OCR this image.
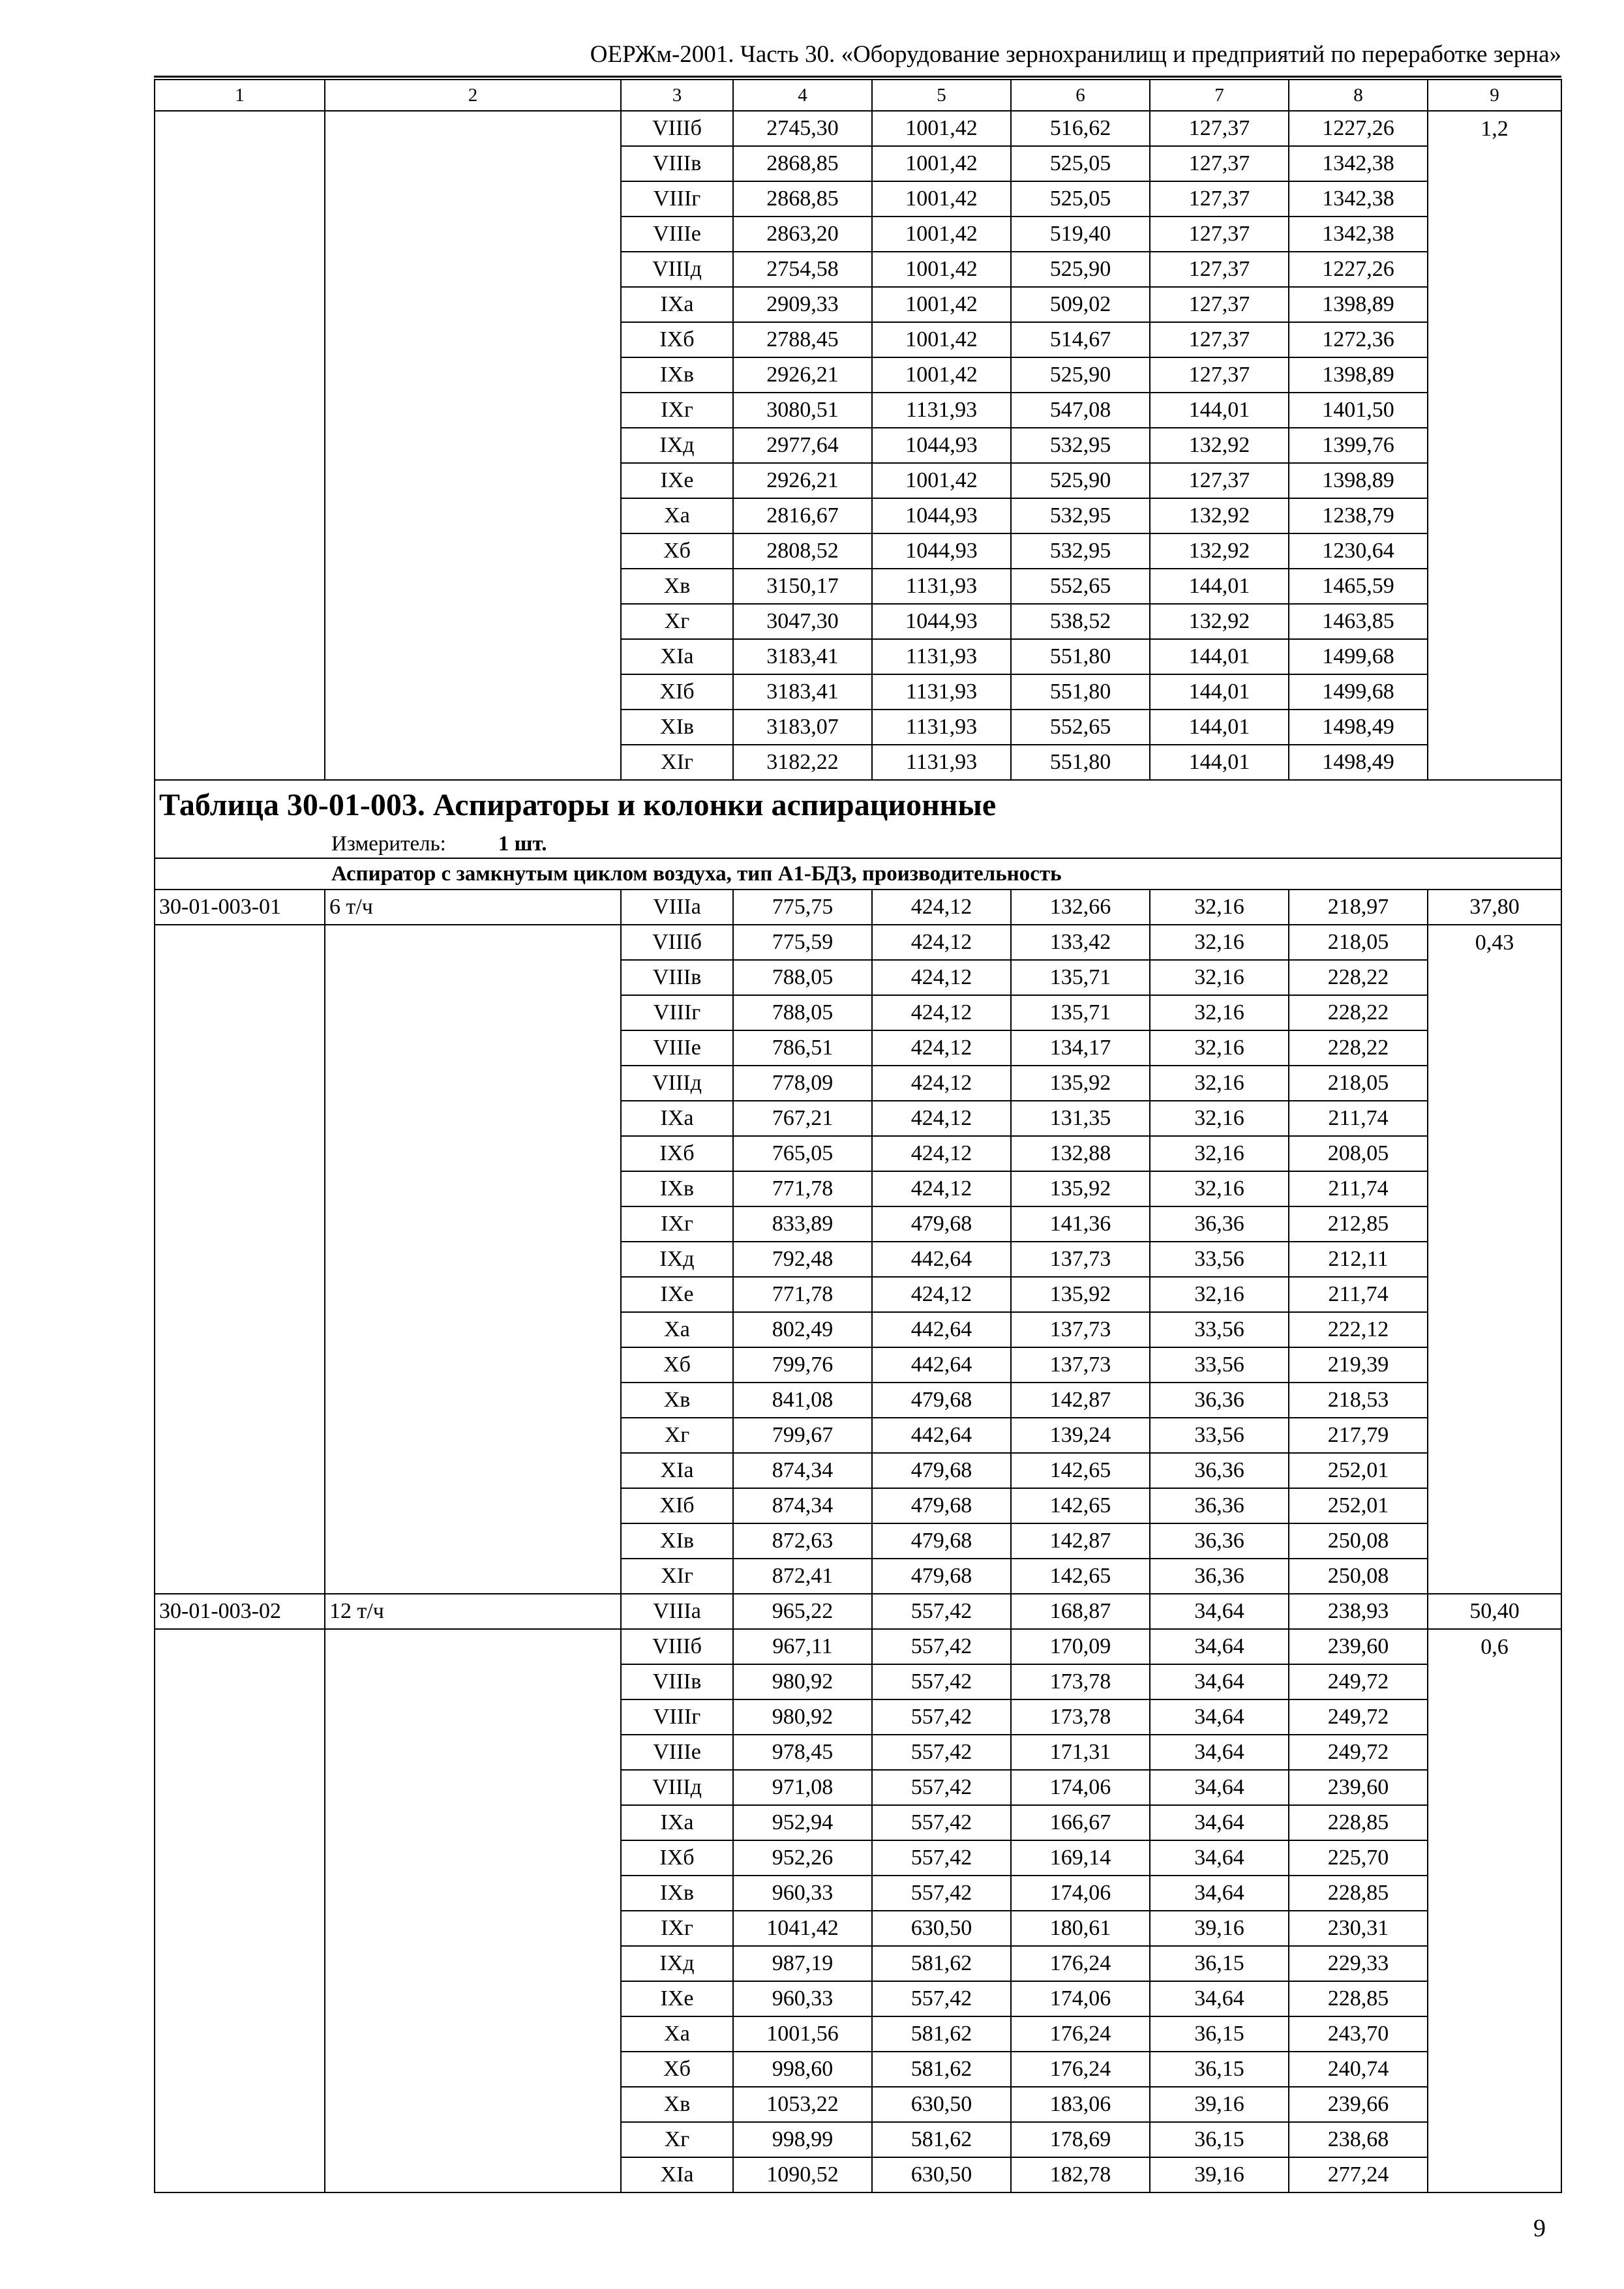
ОЕРЖм-2001. Часть 30. «Оборудование зернохранилищ и предприятий по переработке зерна»
1	2	3	4	5	6	7	8	9
		VIIIб	2745,30	1001,42	516,62	127,37	1227,26	1,2
		VIIIв	2868,85	1001,42	525,05	127,37	1342,38	
		VIIIг	2868,85	1001,42	525,05	127,37	1342,38	
		VIIIе	2863,20	1001,42	519,40	127,37	1342,38	
		VIIIд	2754,58	1001,42	525,90	127,37	1227,26	
		IXа	2909,33	1001,42	509,02	127,37	1398,89	
		IXб	2788,45	1001,42	514,67	127,37	1272,36	
		IXв	2926,21	1001,42	525,90	127,37	1398,89	
		IXг	3080,51	1131,93	547,08	144,01	1401,50	
		IXд	2977,64	1044,93	532,95	132,92	1399,76	
		IXе	2926,21	1001,42	525,90	127,37	1398,89	
		Xа	2816,67	1044,93	532,95	132,92	1238,79	
		Xб	2808,52	1044,93	532,95	132,92	1230,64	
		Xв	3150,17	1131,93	552,65	144,01	1465,59	
		Xг	3047,30	1044,93	538,52	132,92	1463,85	
		XIа	3183,41	1131,93	551,80	144,01	1499,68	
		XIб	3183,41	1131,93	551,80	144,01	1499,68	
		XIв	3183,07	1131,93	552,65	144,01	1498,49	
		XIг	3182,22	1131,93	551,80	144,01	1498,49	
Таблица 30-01-003. Аспираторы и колонки аспирационные								
Измеритель: 1 шт.								
Аспиратор с замкнутым циклом воздуха, тип А1-БДЗ, производительность								
30-01-003-01	6 т/ч	VIIIа	775,75	424,12	132,66	32,16	218,97	37,80
		VIIIб	775,59	424,12	133,42	32,16	218,05	0,43
		VIIIв	788,05	424,12	135,71	32,16	228,22	
		VIIIг	788,05	424,12	135,71	32,16	228,22	
		VIIIе	786,51	424,12	134,17	32,16	228,22	
		VIIIд	778,09	424,12	135,92	32,16	218,05	
		IXа	767,21	424,12	131,35	32,16	211,74	
		IXб	765,05	424,12	132,88	32,16	208,05	
		IXв	771,78	424,12	135,92	32,16	211,74	
		IXг	833,89	479,68	141,36	36,36	212,85	
		IXд	792,48	442,64	137,73	33,56	212,11	
		IXе	771,78	424,12	135,92	32,16	211,74	
		Xа	802,49	442,64	137,73	33,56	222,12	
		Xб	799,76	442,64	137,73	33,56	219,39	
		Xв	841,08	479,68	142,87	36,36	218,53	
		Xг	799,67	442,64	139,24	33,56	217,79	
		XIа	874,34	479,68	142,65	36,36	252,01	
		XIб	874,34	479,68	142,65	36,36	252,01	
		XIв	872,63	479,68	142,87	36,36	250,08	
		XIг	872,41	479,68	142,65	36,36	250,08	
30-01-003-02	12 т/ч	VIIIа	965,22	557,42	168,87	34,64	238,93	50,40
		VIIIб	967,11	557,42	170,09	34,64	239,60	0,6
		VIIIв	980,92	557,42	173,78	34,64	249,72	
		VIIIг	980,92	557,42	173,78	34,64	249,72	
		VIIIе	978,45	557,42	171,31	34,64	249,72	
		VIIIд	971,08	557,42	174,06	34,64	239,60	
		IXа	952,94	557,42	166,67	34,64	228,85	
		IXб	952,26	557,42	169,14	34,64	225,70	
		IXв	960,33	557,42	174,06	34,64	228,85	
		IXг	1041,42	630,50	180,61	39,16	230,31	
		IXд	987,19	581,62	176,24	36,15	229,33	
		IXе	960,33	557,42	174,06	34,64	228,85	
		Xа	1001,56	581,62	176,24	36,15	243,70	
		Xб	998,60	581,62	176,24	36,15	240,74	
		Xв	1053,22	630,50	183,06	39,16	239,66	
		Xг	998,99	581,62	178,69	36,15	238,68	
		XIа	1090,52	630,50	182,78	39,16	277,24	
9
